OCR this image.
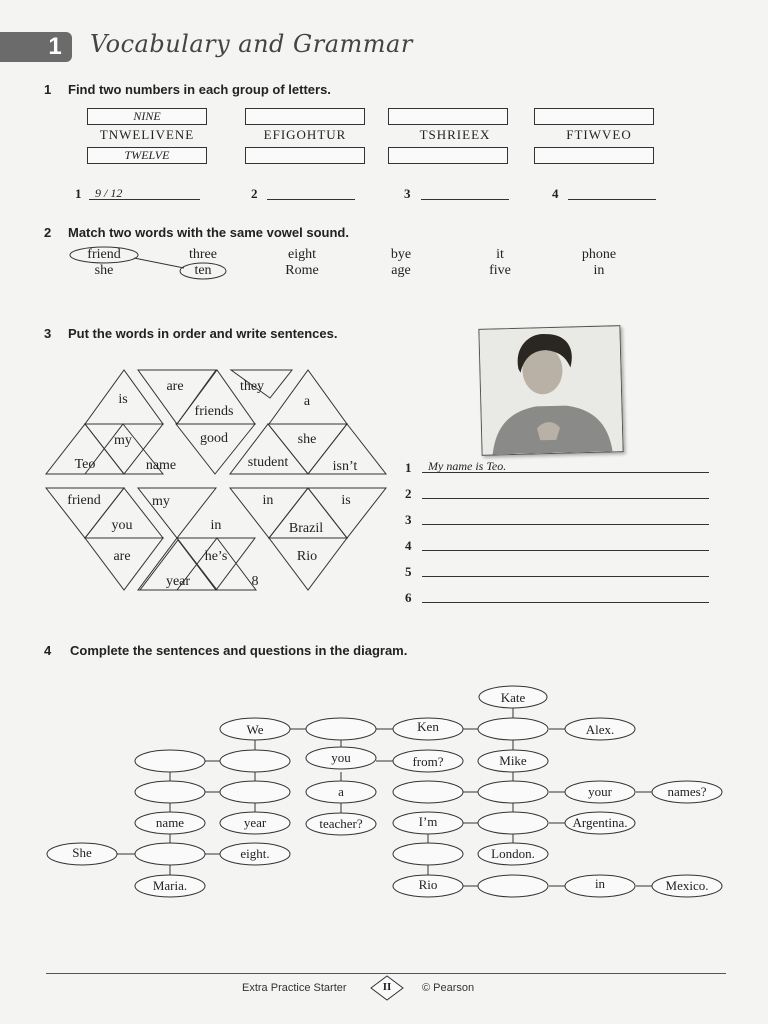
1	Vocabulary and Grammar
1 Find two numbers in each group of letters.
NINE
TNWELIVENE
TWELVE
EFIGOHTUR	TSHRIEEX	FTIWVEO
1	9 / 12	2	3	4
2 Match two words with the same vowel sound.
friend	three	eight	bye	it	phone
she	ten	Rome	age	five	in
3 Put the words in order and write sentences.
is
are	they
friends
a
my	good	she
Teo	name	student	isn’t
friend	my	in	is
you	in	Brazil
are	he’s	Rio
year	8
1	My name is Teo.
2
3
4
5
6
4 Complete the sentences and questions in the diagram.
Kate
We	Ken	Alex.
you	from?	Mike
a	your	names?
name	year	teacher?	I’m	Argentina.
She	eight.	London.
Maria.	Rio	in	Mexico.
Extra Practice Starter	II	© Pearson
